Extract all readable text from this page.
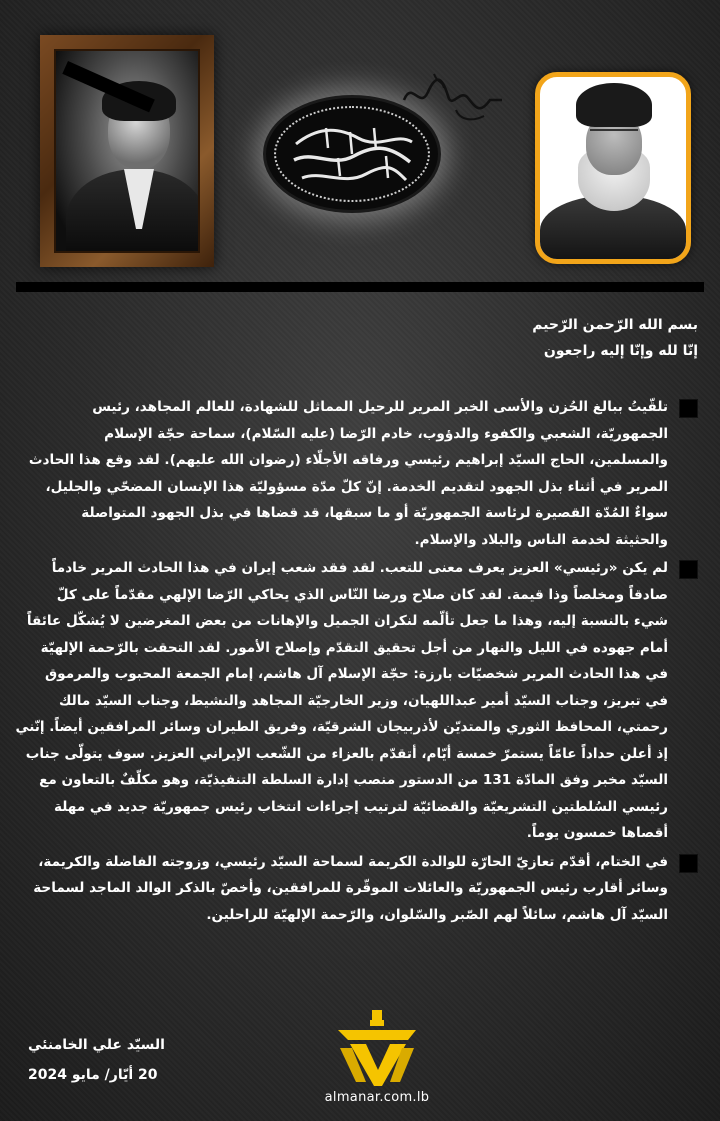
بسم الله الرّحمن الرّحيم

إنّا لله وإنّا إليه راجعون

تلقّيتُ ببالغ الحُزن والأسى الخبر المرير للرحيل المماثل للشهادة، للعالم المجاهد، رئيس

الجمهوريّة، الشعبي والكفوء والدؤوب، خادم الرّضا (عليه السّلام)، سماحة حجّة الإسلام

والمسلمين، الحاج السيّد إبراهيم رئيسي ورفاقه الأجلّاء (رضوان الله عليهم). لقد وقع هذا الحادث

المرير في أثناء بذل الجهود لتقديم الخدمة. إنّ كلّ مدّة مسؤوليّة هذا الإنسان المضحّي والجليل،

سواءٌ المُدّة القصيرة لرئاسة الجمهوريّة أو ما سبقها، قد قضاها في بذل الجهود المتواصلة

والحثيثة لخدمة الناس والبلاد والإسلام.

لم يكن «رئيسي» العزيز يعرف معنى للتعب. لقد فقد شعب إيران في هذا الحادث المرير خادماً

صادقاً ومخلصاً وذا قيمة. لقد كان صلاح ورضا النّاس الذي يحاكي الرّضا الإلهي مقدّماً على كلّ

شيء بالنسبة إليه، وهذا ما جعل تألّمه لنكران الجميل والإهانات من بعض المغرضين لا يُشكّل عائقاً

أمام جهوده في الليل والنهار من أجل تحقيق التقدّم وإصلاح الأمور. لقد التحقت بالرّحمة الإلهيّة

في هذا الحادث المرير شخصيّات بارزة: حجّة الإسلام آل هاشم، إمام الجمعة المحبوب والمرموق

في تبريز، وجناب السيّد أمير عبداللهيان، وزير الخارجيّة المجاهد والنشيط، وجناب السيّد مالك

رحمتي، المحافظ الثوري والمتديّن لأذربيجان الشرقيّة، وفريق الطيران وسائر المرافقين أيضاً. إنّني

إذ أعلن حداداً عامّاً يستمرّ خمسة أيّام، أتقدّم بالعزاء من الشّعب الإيراني العزيز. سوف يتولّى جناب

السيّد مخبر وفق المادّة 131 من الدستور منصب إدارة السلطة التنفيذيّة، وهو مكلّفٌ بالتعاون مع

رئيسي السُلطتين التشريعيّة والقضائيّة لترتيب إجراءات انتخاب رئيس جمهوريّة جديد في مهلة

أقصاها خمسون يوماً.

في الختام، أقدّم تعازيّ الحارّة للوالدة الكريمة لسماحة السيّد رئيسي، وزوجته الفاضلة والكريمة،

وسائر أقارب رئيس الجمهوريّة والعائلات الموقّرة للمرافقين، وأخصّ بالذكر الوالد الماجد لسماحة

السيّد آل هاشم، سائلاً لهم الصّبر والسّلوان، والرّحمة الإلهيّة للراحلين.

السيّد علي الخامنئي
20 أيّار/ مايو 2024
almanar.com.lb
